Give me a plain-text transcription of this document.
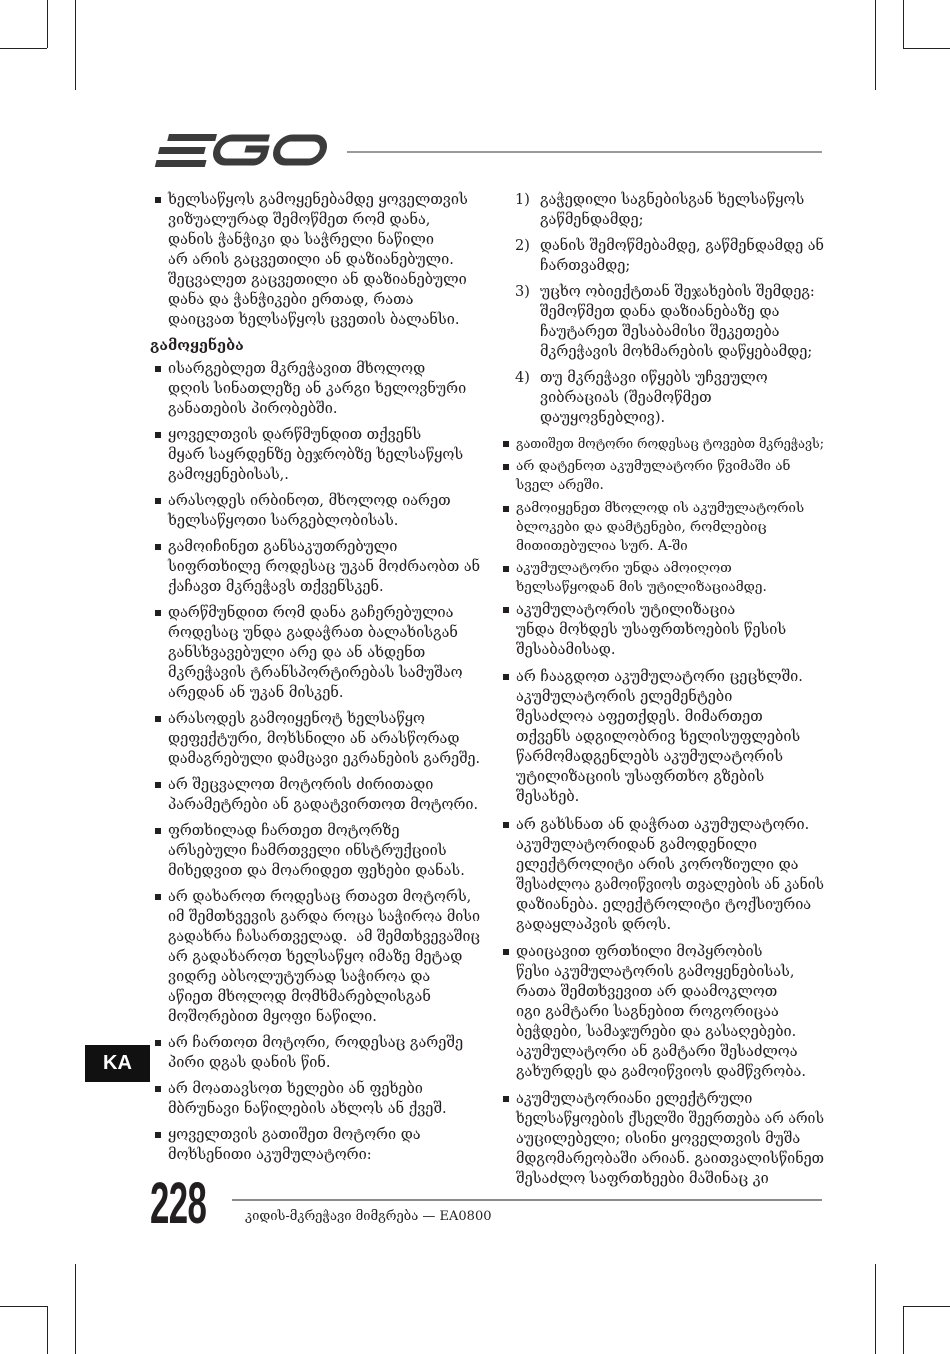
ხელსაწყოს გამოყენებამდე ყოველთვის
ვიზუალურად შემოწმეთ რომ დანა,
დანის ჭანჭიკი და საჭრელი ნაწილი
არ არის გაცვეთილი ან დაზიანებული.
შეცვალეთ გაცვეთილი ან დაზიანებული
დანა და ჭანჭიკები ერთად, რათა
დაიცვათ ხელსაწყოს ცვეთის ბალანსი.
გამოყენება
ისარგებლეთ მკრეჭავით მხოლოდ
დღის სინათლეზე ან კარგი ხელოვნური
განათების პირობებში.
ყოველთვის დარწმუნდით თქვენს
მყარ საყრდენზე ბეჯრობზე ხელსაწყოს
გამოყენებისას,.
არასოდეს ირბინოთ, მხოლოდ იარეთ
ხელსაწყოთი სარგებლობისას.
გამოიჩინეთ განსაკუთრებული
სიფრთხილე როდესაც უკან მოძრაობთ ან
ქაჩავთ მკრეჭავს თქვენსკენ.
დარწმუნდით რომ დანა გაჩერებულია
როდესაც უნდა გადაჭრათ ბალახისგან
განსხვავებული არე და ან ახდენთ
მკრეჭავის ტრანსპორტირებას სამუშაო
არედან ან უკან მისკენ.
არასოდეს გამოიყენოტ ხელსაწყო
დეფექტური, მოხსნილი ან არასწორად
დამაგრებული დამცავი ეკრანების გარეშე.
არ შეცვალოთ მოტორის ძირითადი
პარამეტრები ან გადატვირთოთ მოტორი.
ფრთხილად ჩართეთ მოტორზე
არსებული ჩამრთველი ინსტრუქციის
მიხედვით და მოარიდეთ ფეხები დანას.
არ დახაროთ როდესაც რთავთ მოტორს,
იმ შემთხვევის გარდა როცა საჭიროა მისი
გადახრა ჩასართველად.  ამ შემთხვევაშიც
არ გადახაროთ ხელსაწყო იმაზე მეტად
ვიდრე აბსოლუტურად საჭიროა და
აწიეთ მხოლოდ მომხმარებლისგან
მოშორებით მყოფი ნაწილი.
არ ჩართოთ მოტორი, როდესაც გარეშე
პირი დგას დანის წინ.
არ მოათავსოთ ხელები ან ფეხები
მბრუნავი ნაწილების ახლოს ან ქვეშ.
ყოველთვის გათიშეთ მოტორი და
მოხსენითი აკუმულატორი:
1) გაჭედილი საგნებისგან ხელსაწყოს
გაწმენდამდე;
2) დანის შემოწმებამდე, გაწმენდამდე ან
ჩართვამდე;
3) უცხო ობიექტთან შეჯახების შემდეგ:
შემოწმეთ დანა დაზიანებაზე და
ჩაუტარეთ შესაბამისი შეკეთება
მკრეჭავის მოხმარების დაწყებამდე;
4) თუ მკრეჭავი იწყებს უჩვეულო
ვიბრაციას (შეამოწმეთ
დაუყოვნებლივ).
გათიშეთ მოტორი როდესაც ტოვებთ მკრეჭავს;
არ დატენოთ აკუმულატორი წვიმაში ან
სველ არეში.
გამოიყენეთ მხოლოდ ის აკუმულატორის
ბლოკები და დამტენები, რომლებიც
მითითებულია სურ. A-ში
აკუმულატორი უნდა ამოიღოთ
ხელსაწყოდან მის უტილიზაციამდე.
აკუმულატორის უტილიზაცია
უნდა მოხდეს უსაფრთხოების წესის
შესაბამისად.
არ ჩააგდოთ აკუმულატორი ცეცხლში.
აკუმულატორის ელემენტები
შესაძლოა აფეთქდეს. მიმართეთ
თქვენს ადგილობრივ ხელისუფლების
წარმომადგენლებს აკუმულატორის
უტილიზაციის უსაფრთხო გზების
შესახებ.
არ გახსნათ ან დაჭრათ აკუმულატორი.
აკუმულატორიდან გამოდენილი
ელექტროლიტი არის კოროზიული და
შესაძლოა გამოიწვიოს თვალების ან კანის
დაზიანება. ელექტროლიტი ტოქსიურია
გადაყლაპვის დროს.
დაიცავით ფრთხილი მოპყრობის
წესი აკუმულატორის გამოყენებისას,
რათა შემთხვევით არ დაამოკლოთ
იგი გამტარი საგნებით როგორიცაა
ბეჭდები, სამაჯურები და გასაღებები.
აკუმულატორი ან გამტარი შესაძლოა
გახურდეს და გამოიწვიოს დამწვრობა.
აკუმულატორიანი ელექტრული
ხელსაწყოების ქსელში შეერთება არ არის
აუცილებელი; ისინი ყოველთვის მუშა
მდგომარეობაში არიან. გაითვალისწინეთ
შესაძლო საფრთხეები მაშინაც კი
KA
228	კიდის-მკრეჭავი მიმგრება — EA0800
